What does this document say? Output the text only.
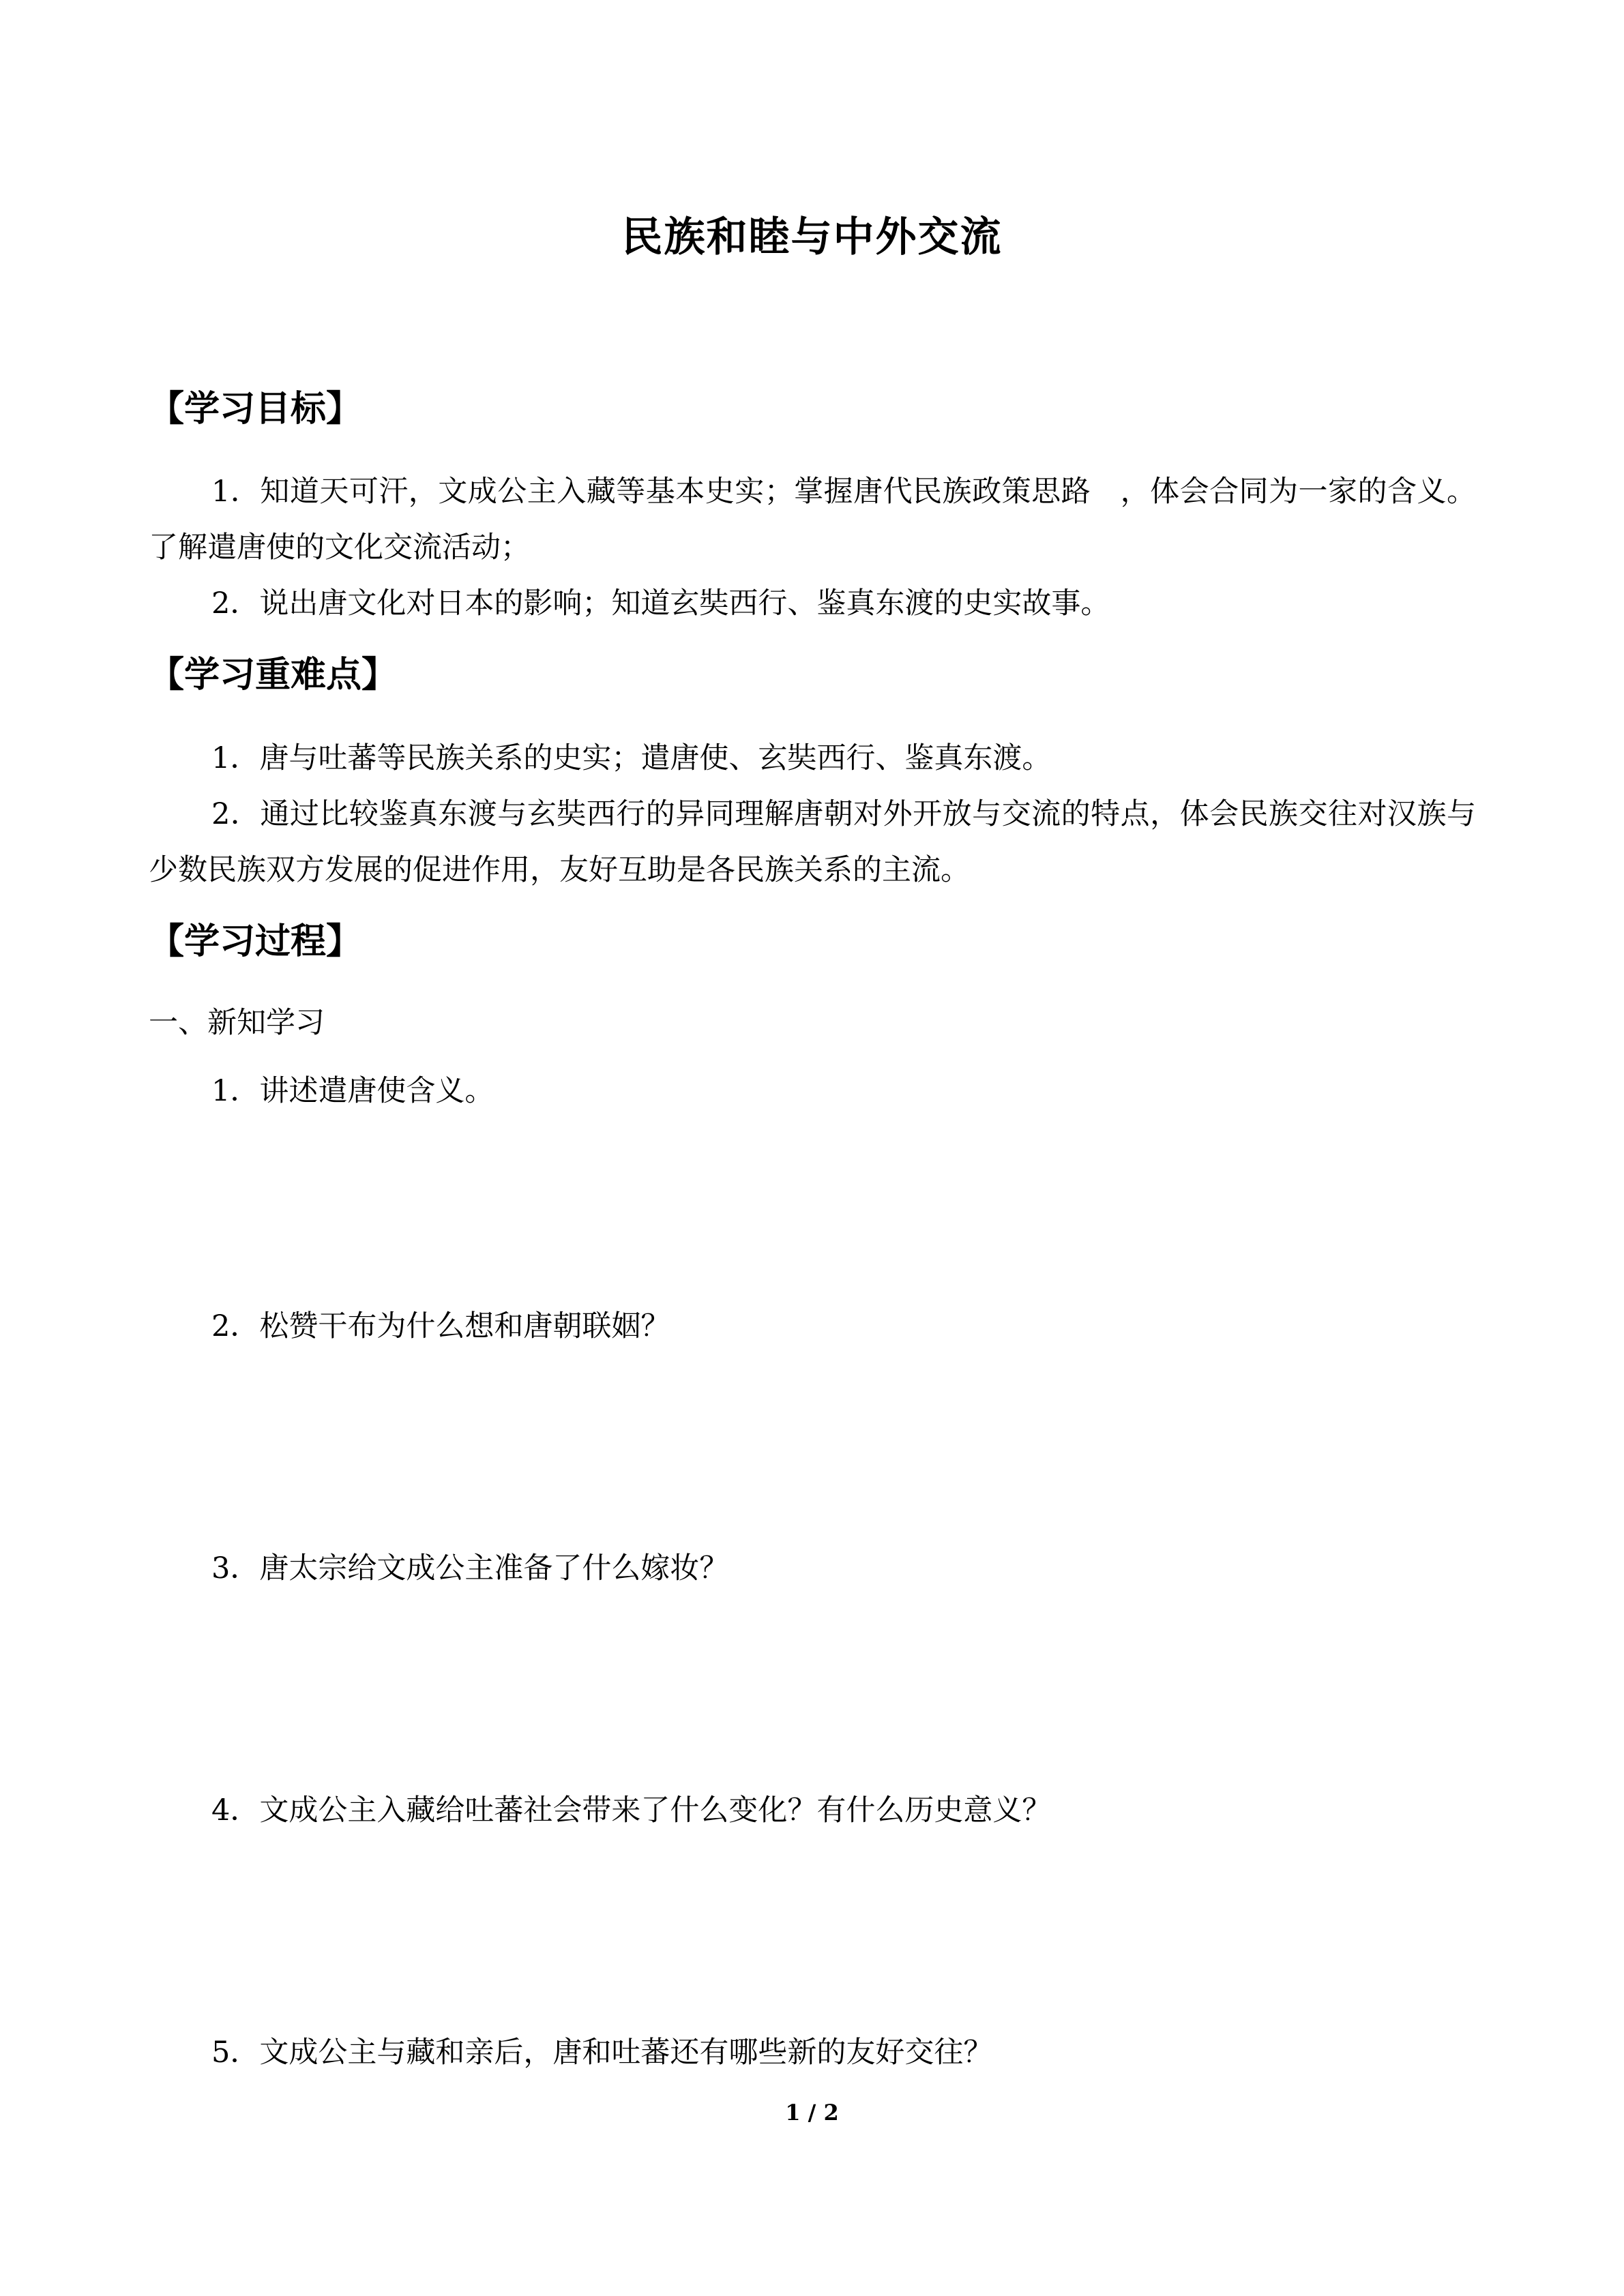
民族和睦与中外交流
【学习目标】
1．知道天可汗，文成公主入藏等基本史实；掌握唐代民族政策思路　，体会合同为一家的含义。了解遣唐使的文化交流活动；
2．说出唐文化对日本的影响；知道玄奘西行、鉴真东渡的史实故事。
【学习重难点】
1．唐与吐蕃等民族关系的史实；遣唐使、玄奘西行、鉴真东渡。
2．通过比较鉴真东渡与玄奘西行的异同理解唐朝对外开放与交流的特点，体会民族交往对汉族与少数民族双方发展的促进作用，友好互助是各民族关系的主流。
【学习过程】
一、新知学习
1．讲述遣唐使含义。
2．松赞干布为什么想和唐朝联姻？
3．唐太宗给文成公主准备了什么嫁妆？
4．文成公主入藏给吐蕃社会带来了什么变化？有什么历史意义？
5．文成公主与藏和亲后，唐和吐蕃还有哪些新的友好交往？
1 / 2
